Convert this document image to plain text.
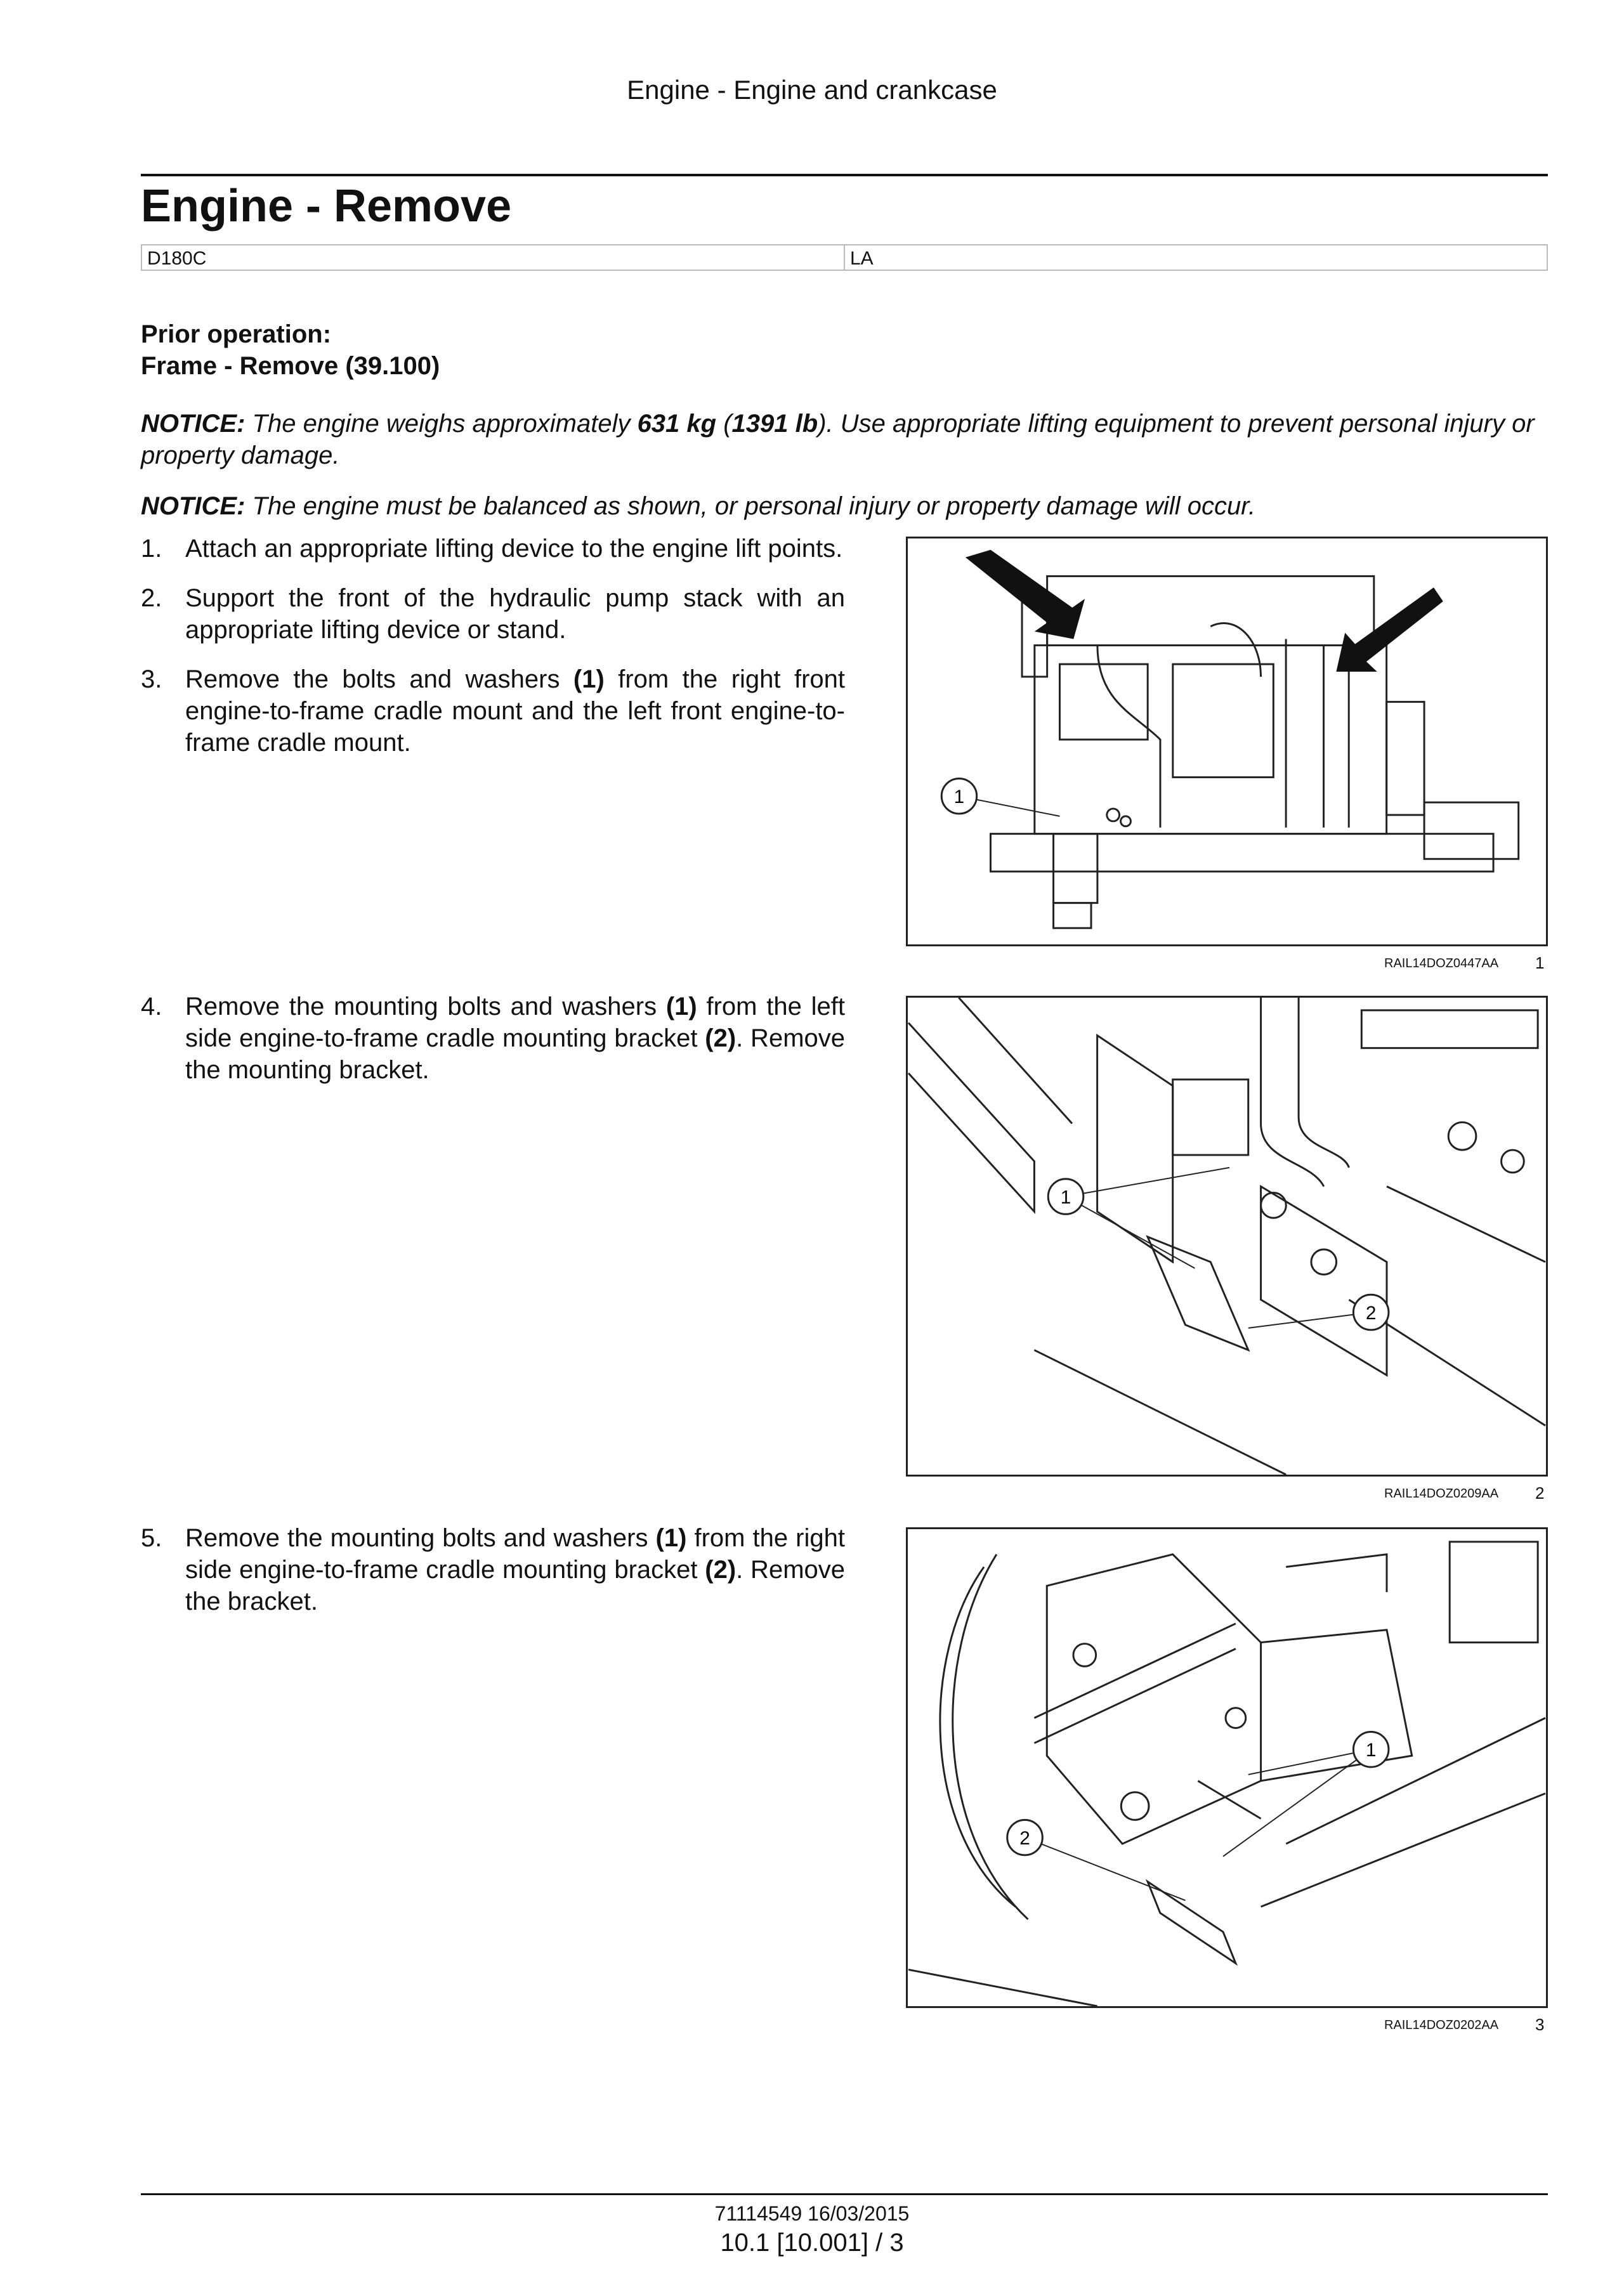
Engine - Engine and crankcase
Engine - Remove
D180C	LA
Prior operation:
Frame - Remove (39.100)
NOTICE: The engine weighs approximately 631 kg (1391 lb). Use appropriate lifting equipment to prevent personal injury or property damage.
NOTICE: The engine must be balanced as shown, or personal injury or property damage will occur.
1. Attach an appropriate lifting device to the engine lift points.
2. Support the front of the hydraulic pump stack with an appropriate lifting device or stand.
3. Remove the bolts and washers (1) from the right front engine-to-frame cradle mount and the left front engine-to-frame cradle mount.
4. Remove the mounting bolts and washers (1) from the left side engine-to-frame cradle mounting bracket (2). Remove the mounting bracket.
5. Remove the mounting bolts and washers (1) from the right side engine-to-frame cradle mounting bracket (2). Remove the bracket.
1
RAIL14DOZ0447AA 1
1
2
RAIL14DOZ0209AA 2
1
2
RAIL14DOZ0202AA 3
71114549 16/03/2015
10.1 [10.001] / 3
